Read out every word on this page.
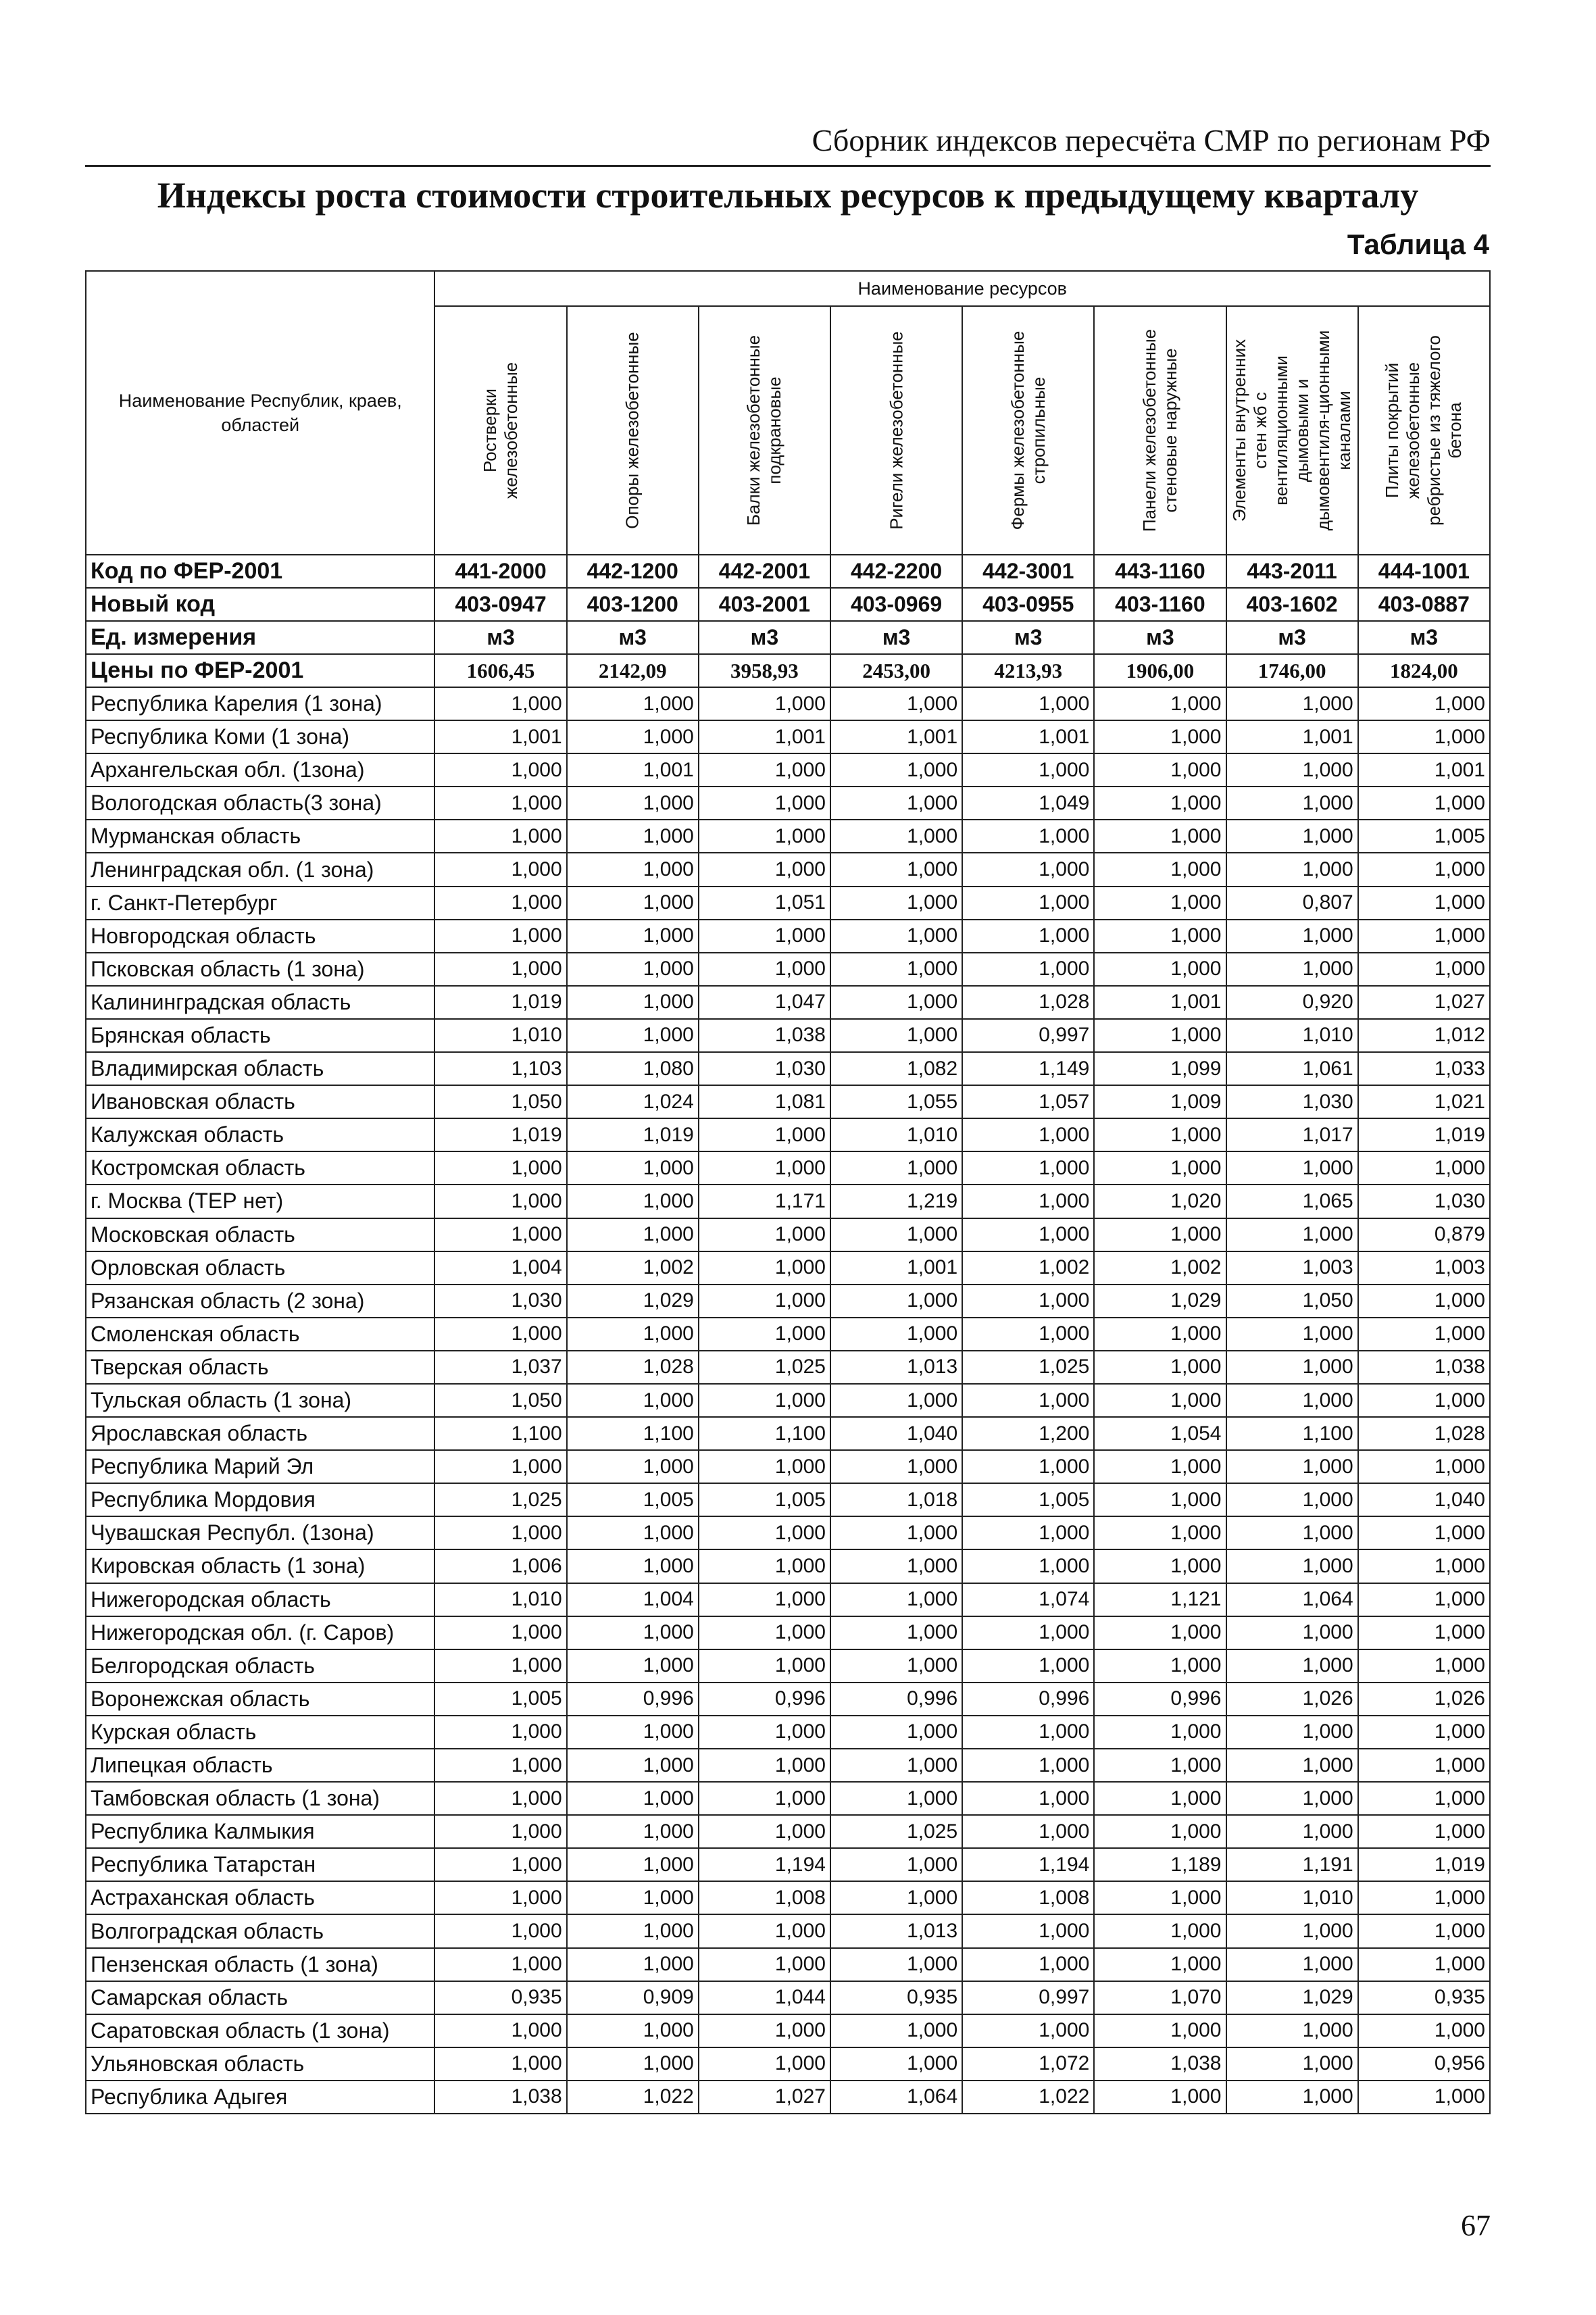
Сборник индексов пересчёта СМР по регионам РФ
Индексы роста стоимости строительных ресурсов к предыдущему кварталу
Таблица 4
Наименование Республик, краев, областей	Наименование ресурсов							

	Ростверки железобетонные	Опоры железобетонные	Балки железобетонные подкрановые	Ригели железобетонные	Фермы железобетонные стропильные	Панели железобетонные стеновые наружные	Элементы внутренних стен жб с вентиляционными дымовыми и дымовентиля-ционными каналами	Плиты покрытий железобетонные ребристые из тяжелого бетона

Код по ФЕР-2001	441-2000	442-1200	442-2001	442-2200	442-3001	443-1160	443-2011	444-1001
Новый код	403-0947	403-1200	403-2001	403-0969	403-0955	403-1160	403-1602	403-0887
Ед. измерения	м3	м3	м3	м3	м3	м3	м3	м3
Цены по ФЕР-2001	1606,45	2142,09	3958,93	2453,00	4213,93	1906,00	1746,00	1824,00
Республика Карелия (1 зона)	1,000	1,000	1,000	1,000	1,000	1,000	1,000	1,000
Республика Коми (1 зона)	1,001	1,000	1,001	1,001	1,001	1,000	1,001	1,000
Архангельская обл. (1зона)	1,000	1,001	1,000	1,000	1,000	1,000	1,000	1,001
Вологодская область(3 зона)	1,000	1,000	1,000	1,000	1,049	1,000	1,000	1,000
Мурманская область	1,000	1,000	1,000	1,000	1,000	1,000	1,000	1,005
Ленинградская обл. (1 зона)	1,000	1,000	1,000	1,000	1,000	1,000	1,000	1,000
г. Санкт-Петербург	1,000	1,000	1,051	1,000	1,000	1,000	0,807	1,000
Новгородская область	1,000	1,000	1,000	1,000	1,000	1,000	1,000	1,000
Псковская область (1 зона)	1,000	1,000	1,000	1,000	1,000	1,000	1,000	1,000
Калининградская область	1,019	1,000	1,047	1,000	1,028	1,001	0,920	1,027
Брянская область	1,010	1,000	1,038	1,000	0,997	1,000	1,010	1,012
Владимирская область	1,103	1,080	1,030	1,082	1,149	1,099	1,061	1,033
Ивановская область	1,050	1,024	1,081	1,055	1,057	1,009	1,030	1,021
Калужская область	1,019	1,019	1,000	1,010	1,000	1,000	1,017	1,019
Костромская область	1,000	1,000	1,000	1,000	1,000	1,000	1,000	1,000
г. Москва (ТЕР нет)	1,000	1,000	1,171	1,219	1,000	1,020	1,065	1,030
Московская область	1,000	1,000	1,000	1,000	1,000	1,000	1,000	0,879
Орловская область	1,004	1,002	1,000	1,001	1,002	1,002	1,003	1,003
Рязанская область (2 зона)	1,030	1,029	1,000	1,000	1,000	1,029	1,050	1,000
Смоленская область	1,000	1,000	1,000	1,000	1,000	1,000	1,000	1,000
Тверская область	1,037	1,028	1,025	1,013	1,025	1,000	1,000	1,038
Тульская область (1 зона)	1,050	1,000	1,000	1,000	1,000	1,000	1,000	1,000
Ярославская область	1,100	1,100	1,100	1,040	1,200	1,054	1,100	1,028
Республика Марий Эл	1,000	1,000	1,000	1,000	1,000	1,000	1,000	1,000
Республика Мордовия	1,025	1,005	1,005	1,018	1,005	1,000	1,000	1,040
Чувашская Республ. (1зона)	1,000	1,000	1,000	1,000	1,000	1,000	1,000	1,000
Кировская область (1 зона)	1,006	1,000	1,000	1,000	1,000	1,000	1,000	1,000
Нижегородская область	1,010	1,004	1,000	1,000	1,074	1,121	1,064	1,000
Нижегородская обл. (г. Саров)	1,000	1,000	1,000	1,000	1,000	1,000	1,000	1,000
Белгородская область	1,000	1,000	1,000	1,000	1,000	1,000	1,000	1,000
Воронежская область	1,005	0,996	0,996	0,996	0,996	0,996	1,026	1,026
Курская область	1,000	1,000	1,000	1,000	1,000	1,000	1,000	1,000
Липецкая область	1,000	1,000	1,000	1,000	1,000	1,000	1,000	1,000
Тамбовская область (1 зона)	1,000	1,000	1,000	1,000	1,000	1,000	1,000	1,000
Республика Калмыкия	1,000	1,000	1,000	1,025	1,000	1,000	1,000	1,000
Республика Татарстан	1,000	1,000	1,194	1,000	1,194	1,189	1,191	1,019
Астраханская область	1,000	1,000	1,008	1,000	1,008	1,000	1,010	1,000
Волгоградская область	1,000	1,000	1,000	1,013	1,000	1,000	1,000	1,000
Пензенская область (1 зона)	1,000	1,000	1,000	1,000	1,000	1,000	1,000	1,000
Самарская область	0,935	0,909	1,044	0,935	0,997	1,070	1,029	0,935
Саратовская область (1 зона)	1,000	1,000	1,000	1,000	1,000	1,000	1,000	1,000
Ульяновская область	1,000	1,000	1,000	1,000	1,072	1,038	1,000	0,956
Республика Адыгея	1,038	1,022	1,027	1,064	1,022	1,000	1,000	1,000
67
